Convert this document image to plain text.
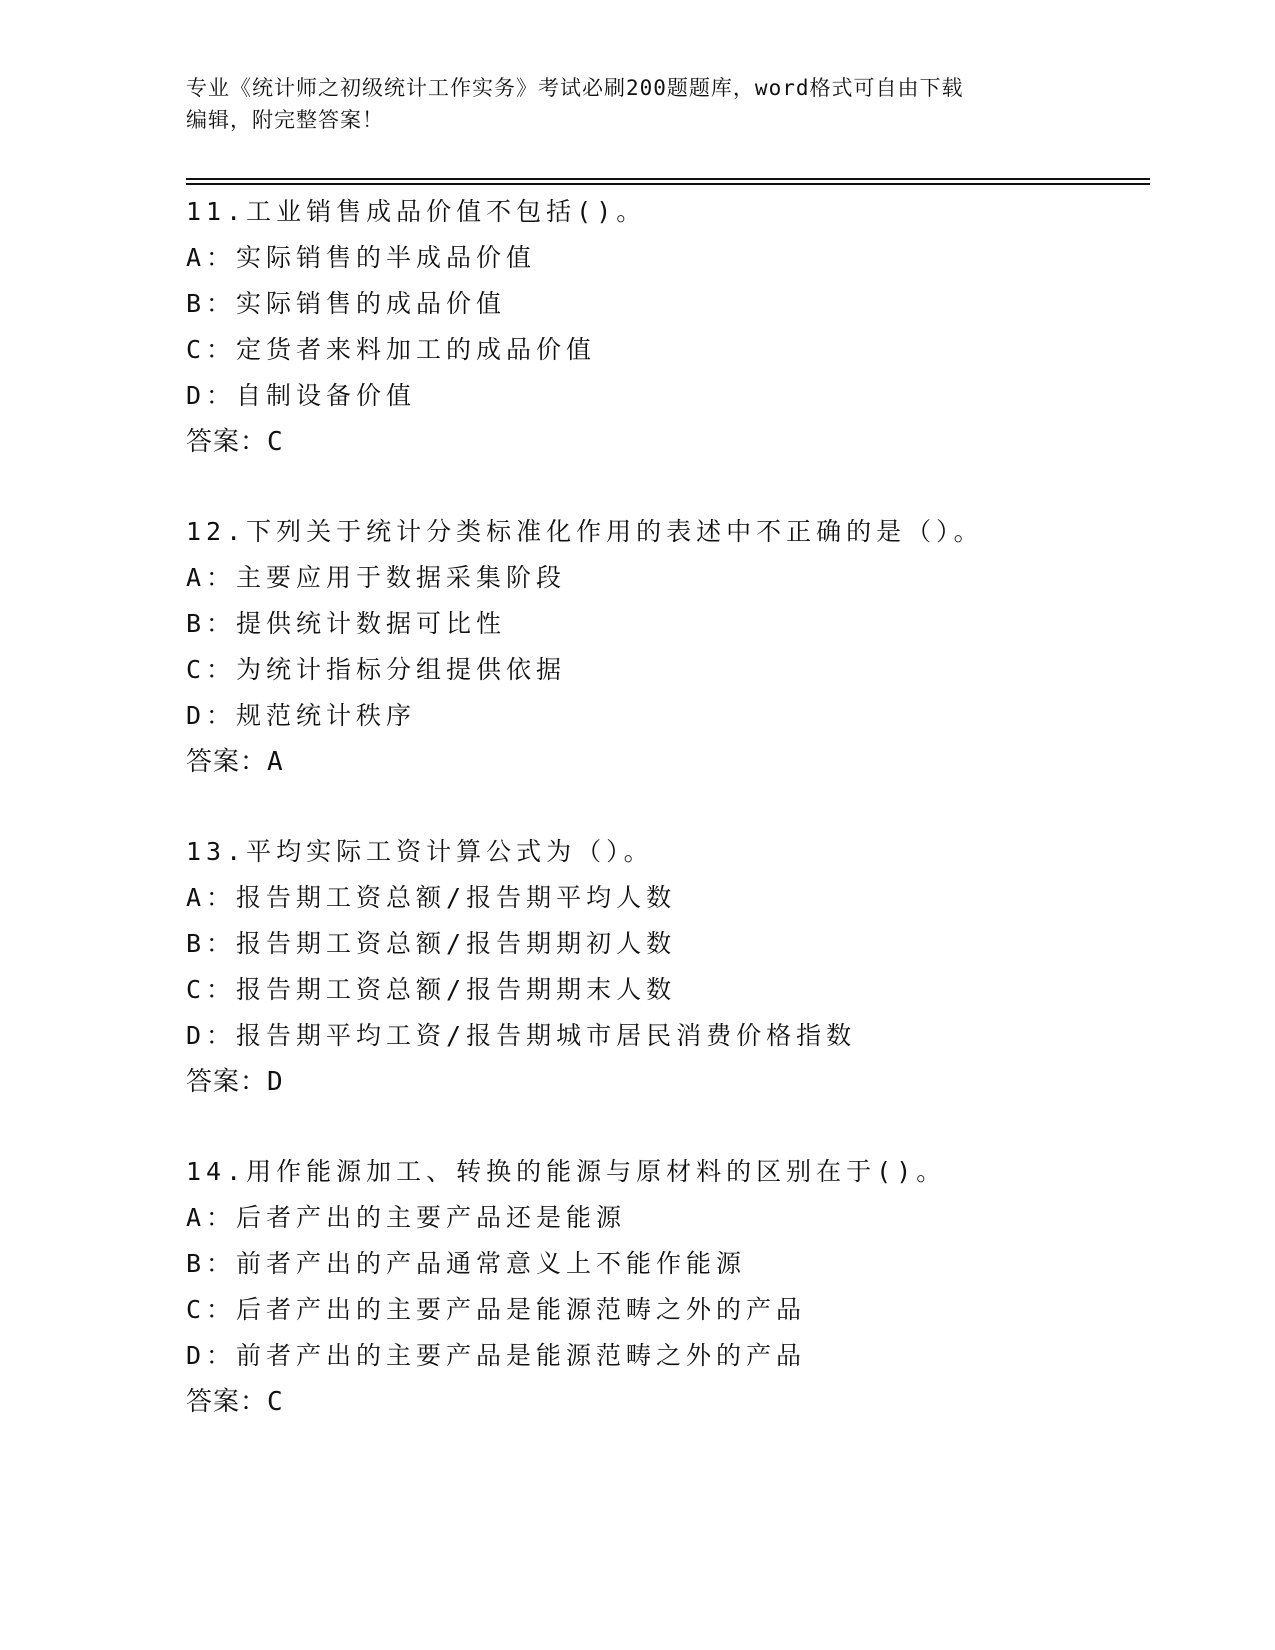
专业《统计师之初级统计工作实务》考试必刷200题题库，word格式可自由下载
编辑，附完整答案！
11.工业销售成品价值不包括()。
A：实际销售的半成品价值
B：实际销售的成品价值
C：定货者来料加工的成品价值
D：自制设备价值
答案：C
12.下列关于统计分类标准化作用的表述中不正确的是（）。
A：主要应用于数据采集阶段
B：提供统计数据可比性
C：为统计指标分组提供依据
D：规范统计秩序
答案：A
13.平均实际工资计算公式为（）。
A：报告期工资总额/报告期平均人数
B：报告期工资总额/报告期期初人数
C：报告期工资总额/报告期期末人数
D：报告期平均工资/报告期城市居民消费价格指数
答案：D
14.用作能源加工、转换的能源与原材料的区别在于()。
A：后者产出的主要产品还是能源
B：前者产出的产品通常意义上不能作能源
C：后者产出的主要产品是能源范畴之外的产品
D：前者产出的主要产品是能源范畴之外的产品
答案：C
